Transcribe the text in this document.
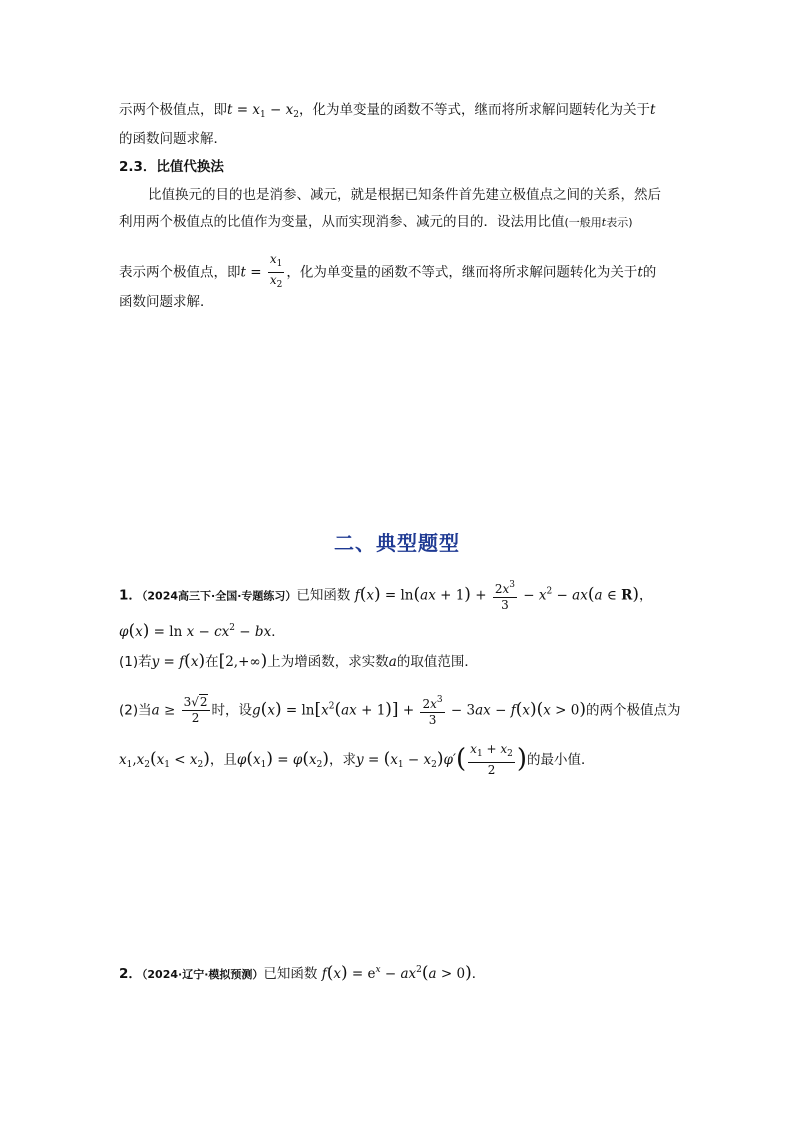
示两个极值点，即$t = x_1 - x_2$，化为单变量的函数不等式，继而将所求解问题转化为关于t
的函数问题求解．
2.3．比值代换法
比值换元的目的也是消参、减元，就是根据已知条件首先建立极值点之间的关系，然后
利用两个极值点的比值作为变量，从而实现消参、减元的目的．设法用比值(一般用t表示)
表示两个极值点，即$t = \frac{x_1}{x_2}$ ，化为单变量的函数不等式，继而将所求解问题转化为关于t的
函数问题求解．
二、典型题型
1．（2024高三下·全国·专题练习）已知函数 $f(x) = \ln(ax + 1) + \frac{2x^3}{3} - x^2 - ax(a$ ∈ R)，
$\varphi(x) = \ln x - cx^2$ − bx．
(1)若y = f(x)在[2,+∞)上为增函数，求实数a的取值范围．
(2)当$a \ge \frac{3√2}{2}$ 时，设$g(x) = \ln[x^2(ax + 1)] + \frac{2x^3}{3} - 3ax - f(x)(x > 0)$的两个极值点为
$x_1,x_2(x_1 < x_2)$，且$\varphi(x_1) = \varphi(x_2)$，求$y = (x_1 - x_2)\varphi'( \frac{x_1 + x_2}{2}$ )的最小值．
2．（2024·辽宁·模拟预测）已知函数 $f(x) = e^x - ax^2(a > 0)$．
